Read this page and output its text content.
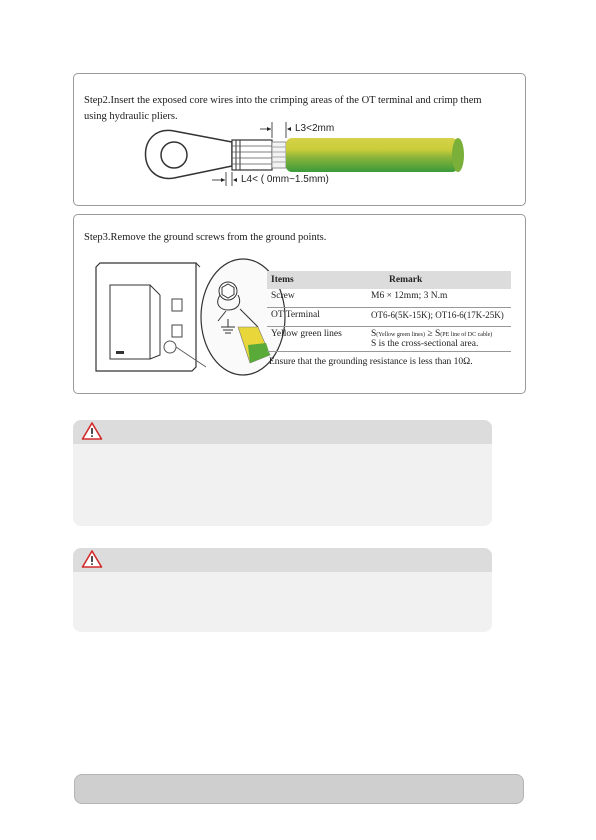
Step2.Insert the exposed core wires into the crimping areas of the OT terminal and crimp them
using hydraulic pliers.
L3<2mm
L4< ( 0mm~1.5mm)
Step3.Remove the ground screws from the ground points.
Items	Remark
Screw	M6 × 12mm; 3 N.m
OT Terminal	OT6-6(5K-15K); OT16-6(17K-25K)
Yellow green lines	S(Yellow green lines) ≥ S(PE line of DC cable)
S is the cross-sectional area.
Ensure that the grounding resistance is less than 10Ω.
